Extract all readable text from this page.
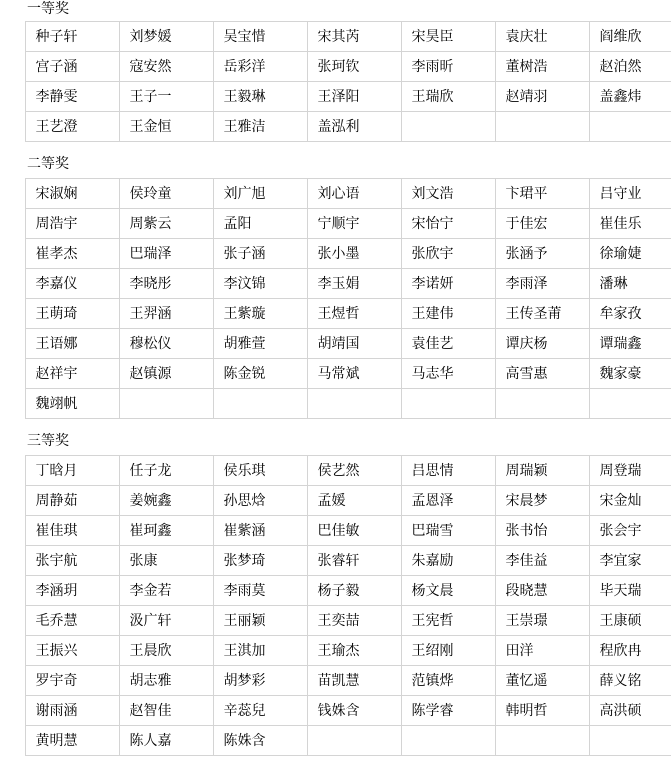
一等奖
	种子轩	刘梦媛	吴宝惜	宋其芮	宋昊臣	袁庆壮	阎维欣
	宫子涵	寇安然	岳彩洋	张珂钦	李雨昕	董树浩	赵泊然
	李静雯	王子一	王毅琳	王泽阳	王瑞欣	赵靖羽	盖鑫炜
	王艺澄	王金恒	王雅洁	盖泓利			
二等奖
	宋淑娴	侯玲童	刘广旭	刘心语	刘文浩	卞珺平	吕守业
	周浩宇	周紫云	孟阳	宁顺宇	宋怡宁	于佳宏	崔佳乐
	崔孝杰	巴瑞泽	张子涵	张小墨	张欣宇	张涵予	徐瑜婕
	李嘉仪	李晓彤	李汶锦	李玉娟	李诺妍	李雨泽	潘琳
	王萌琦	王羿涵	王紫璇	王煜哲	王建伟	王传圣莆	牟家孜
	王语娜	穆松仪	胡雅萱	胡靖国	袁佳艺	谭庆杨	谭瑞鑫
	赵祥宇	赵镇源	陈金锐	马常斌	马志华	高雪惠	魏家豪
	魏翊帆						
三等奖
	丁晗月	任子龙	侯乐琪	侯艺然	吕思情	周瑞颖	周登瑞
	周静茹	姜婉鑫	孙思焓	孟媛	孟恩泽	宋晨梦	宋金灿
	崔佳琪	崔珂鑫	崔紫涵	巴佳敏	巴瑞雪	张书怡	张会宇
	张宇航	张康	张梦琦	张睿轩	朱嘉励	李佳益	李宜家
	李涵玥	李金若	李雨莫	杨子毅	杨文晨	段晓慧	毕天瑞
	毛乔慧	汲广轩	王丽颖	王奕喆	王宪哲	王崇璟	王康硕
	王振兴	王晨欣	王淇加	王瑜杰	王绍刚	田洋	程欣冉
	罗宇奇	胡志雅	胡梦彩	苗凯慧	范镇烨	董忆遥	薛义铭
	谢雨涵	赵智佳	辛蕊兒	钱姝含	陈学睿	韩明哲	高洪硕
	黄明慧	陈人嘉	陈姝含				
